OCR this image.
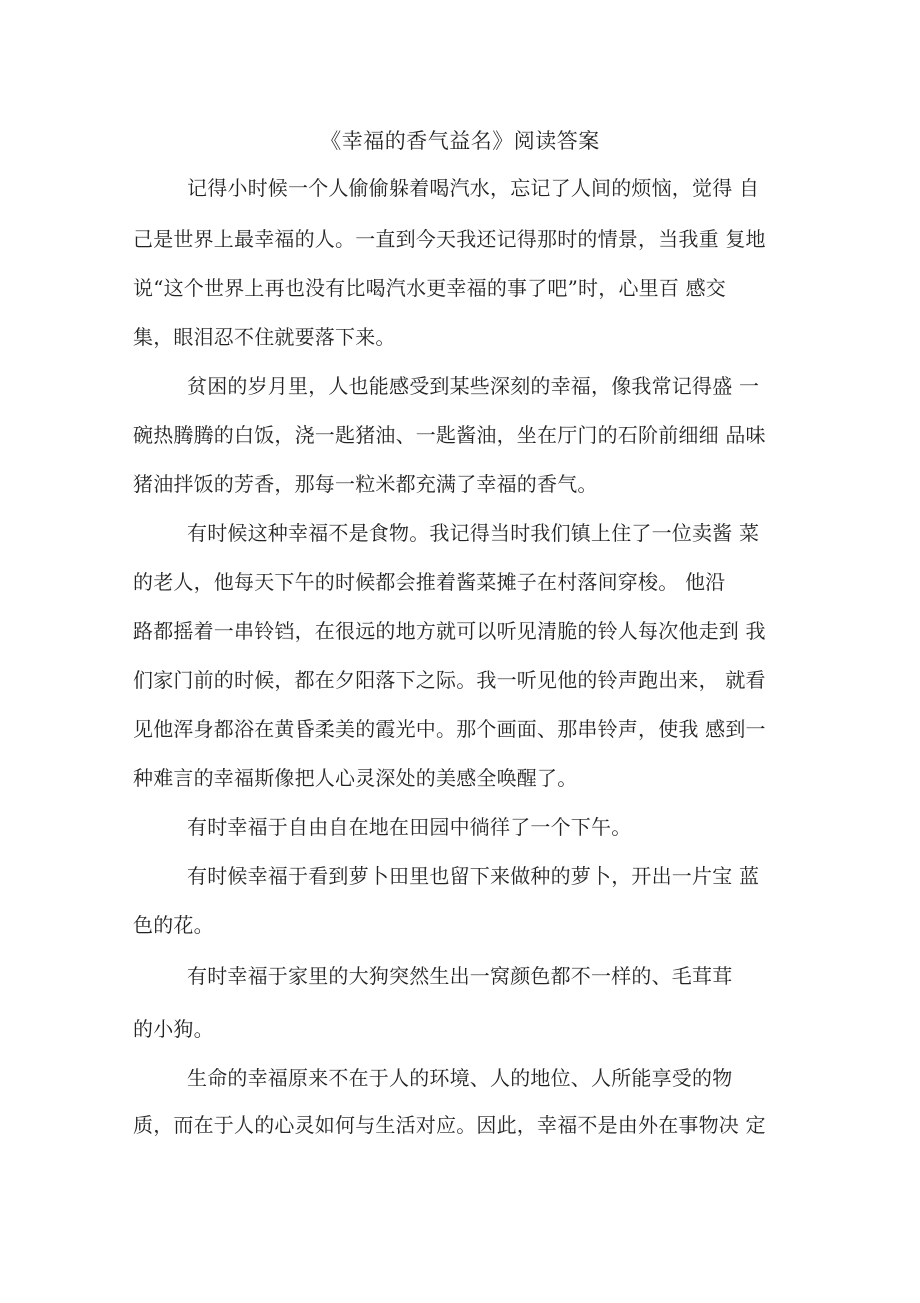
《幸福的香气益名》阅读答案
记得小时候一个人偷偷躲着喝汽水，忘记了人间的烦恼，觉得 自
己是世界上最幸福的人。一直到今天我还记得那时的情景，当我重 复地
说“这个世界上再也没有比喝汽水更幸福的事了吧”时，心里百 感交
集，眼泪忍不住就要落下来。
贫困的岁月里，人也能感受到某些深刻的幸福，像我常记得盛 一
碗热腾腾的白饭，浇一匙猪油、一匙酱油，坐在厅门的石阶前细细 品味
猪油拌饭的芳香，那每一粒米都充满了幸福的香气。
有时候这种幸福不是食物。我记得当时我们镇上住了一位卖酱 菜
的老人，他每天下午的时候都会推着酱菜摊子在村落间穿梭。 他沿
路都摇着一串铃铛，在很远的地方就可以听见清脆的铃人每次他走到 我
们家门前的时候，都在夕阳落下之际。我一听见他的铃声跑出来， 就看
见他浑身都浴在黄昏柔美的霞光中。那个画面、那串铃声，使我 感到一
种难言的幸福斯像把人心灵深处的美感全唤醒了。
有时幸福于自由自在地在田园中徜徉了一个下午。
有时候幸福于看到萝卜田里也留下来做种的萝卜，开出一片宝 蓝
色的花。
有时幸福于家里的大狗突然生出一窝颜色都不一样的、毛茸茸
的小狗。
生命的幸福原来不在于人的环境、人的地位、人所能享受的物
质，而在于人的心灵如何与生活对应。因此，幸福不是由外在事物决 定
